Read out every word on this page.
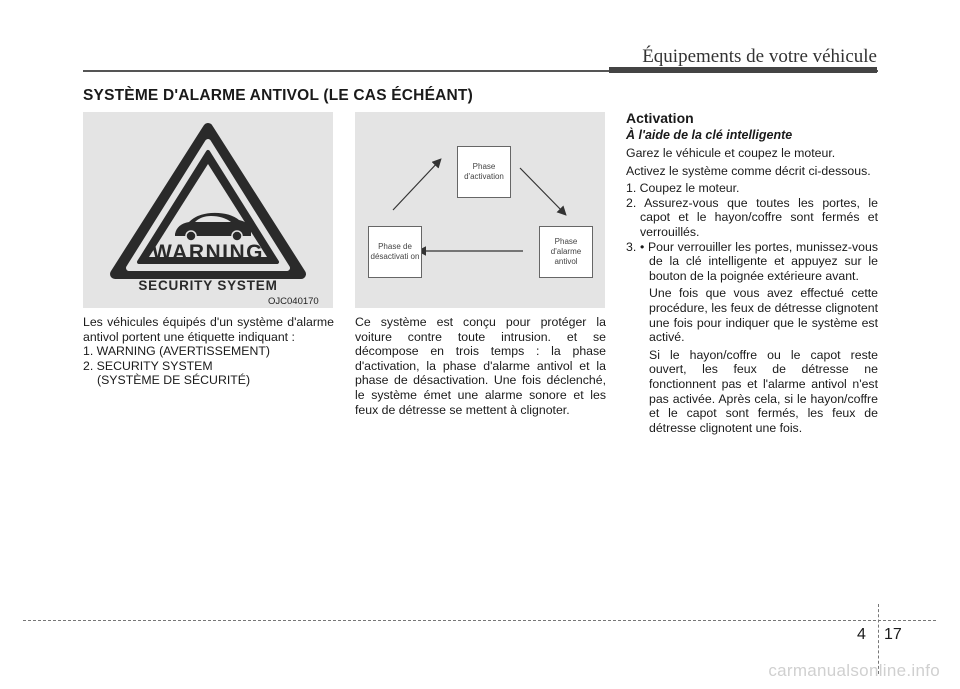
Équipements de votre véhicule
SYSTÈME D'ALARME ANTIVOL (LE CAS ÉCHÉANT)
WARNING
SECURITY SYSTEM
OJC040170
Phase d'activation
Phase d'alarme antivol
Phase de désactivati on
Les véhicules équipés d'un système d'alarme antivol portent une étiquette indiquant :
1. WARNING (AVERTISSEMENT)
2. SECURITY SYSTEM
(SYSTÈME DE SÉCURITÉ)
Ce système est conçu pour protéger la voiture contre toute intrusion. et se décompose en trois temps : la phase d'activation, la phase d'alarme antivol et la phase de désactivation. Une fois déclenché, le système émet une alarme sonore et les feux de détresse se mettent à clignoter.
Activation
À l'aide de la clé intelligente

Garez le véhicule et coupez le moteur.

Activez le système comme décrit ci-dessous.

1. Coupez le moteur.
2. Assurez-vous que toutes les portes, le capot et le hayon/coffre sont fermés et verrouillés.
3. • Pour verrouiller les portes, munissez-vous de la clé intelligente et appuyez sur le bouton de la poignée extérieure avant.
Une fois que vous avez effectué cette procédure, les feux de détresse clignotent une fois pour indiquer que le système est activé.
Si le hayon/coffre ou le capot reste ouvert, les feux de détresse ne fonctionnent pas et l'alarme antivol n'est pas activée. Après cela, si le hayon/coffre et le capot sont fermés, les feux de détresse clignotent une fois.
4 17
carmanualsonline.info
